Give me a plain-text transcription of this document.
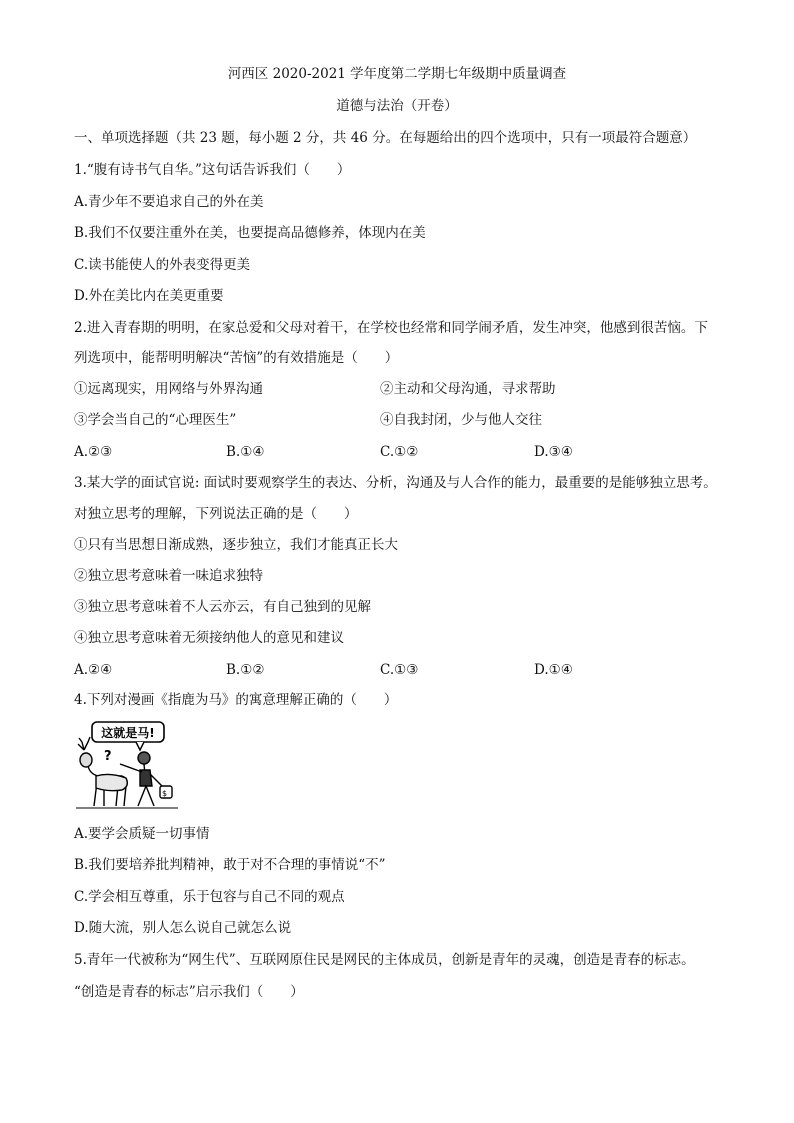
河西区 2020-2021 学年度第二学期七年级期中质量调查
道德与法治（开卷）
一、单项选择题（共 23 题，每小题 2 分，共 46 分。在每题给出的四个选项中，只有一项最符合题意）
1.“腹有诗书气自华。”这句话告诉我们（　　）
A.青少年不要追求自己的外在美
B.我们不仅要注重外在美，也要提高品德修养，体现内在美
C.读书能使人的外表变得更美
D.外在美比内在美更重要
2.进入青春期的明明，在家总爱和父母对着干，在学校也经常和同学闹矛盾，发生冲突，他感到很苦恼。下
列选项中，能帮明明解决“苦恼”的有效措施是（　　）
①远离现实，用网络与外界沟通	②主动和父母沟通，寻求帮助
③学会当自己的“心理医生”	④自我封闭，少与他人交往
A.②③	B.①④	C.①②	D.③④
3.某大学的面试官说: 面试时要观察学生的表达、分析，沟通及与人合作的能力，最重要的是能够独立思考。
对独立思考的理解，下列说法正确的是（　　）
①只有当思想日渐成熟，逐步独立，我们才能真正长大
②独立思考意味着一味追求独特
③独立思考意味着不人云亦云，有自己独到的见解
④独立思考意味着无须接纳他人的意见和建议
A.②④	B.①②	C.①③	D.①④
4.下列对漫画《指鹿为马》的寓意理解正确的（　　）
这就是马!
?
$
A.要学会质疑一切事情
B.我们要培养批判精神，敢于对不合理的事情说“不”
C.学会相互尊重，乐于包容与自己不同的观点
D.随大流，别人怎么说自己就怎么说
5.青年一代被称为“网生代”、互联网原住民是网民的主体成员，创新是青年的灵魂，创造是青春的标志。
“创造是青春的标志”启示我们（　　）
